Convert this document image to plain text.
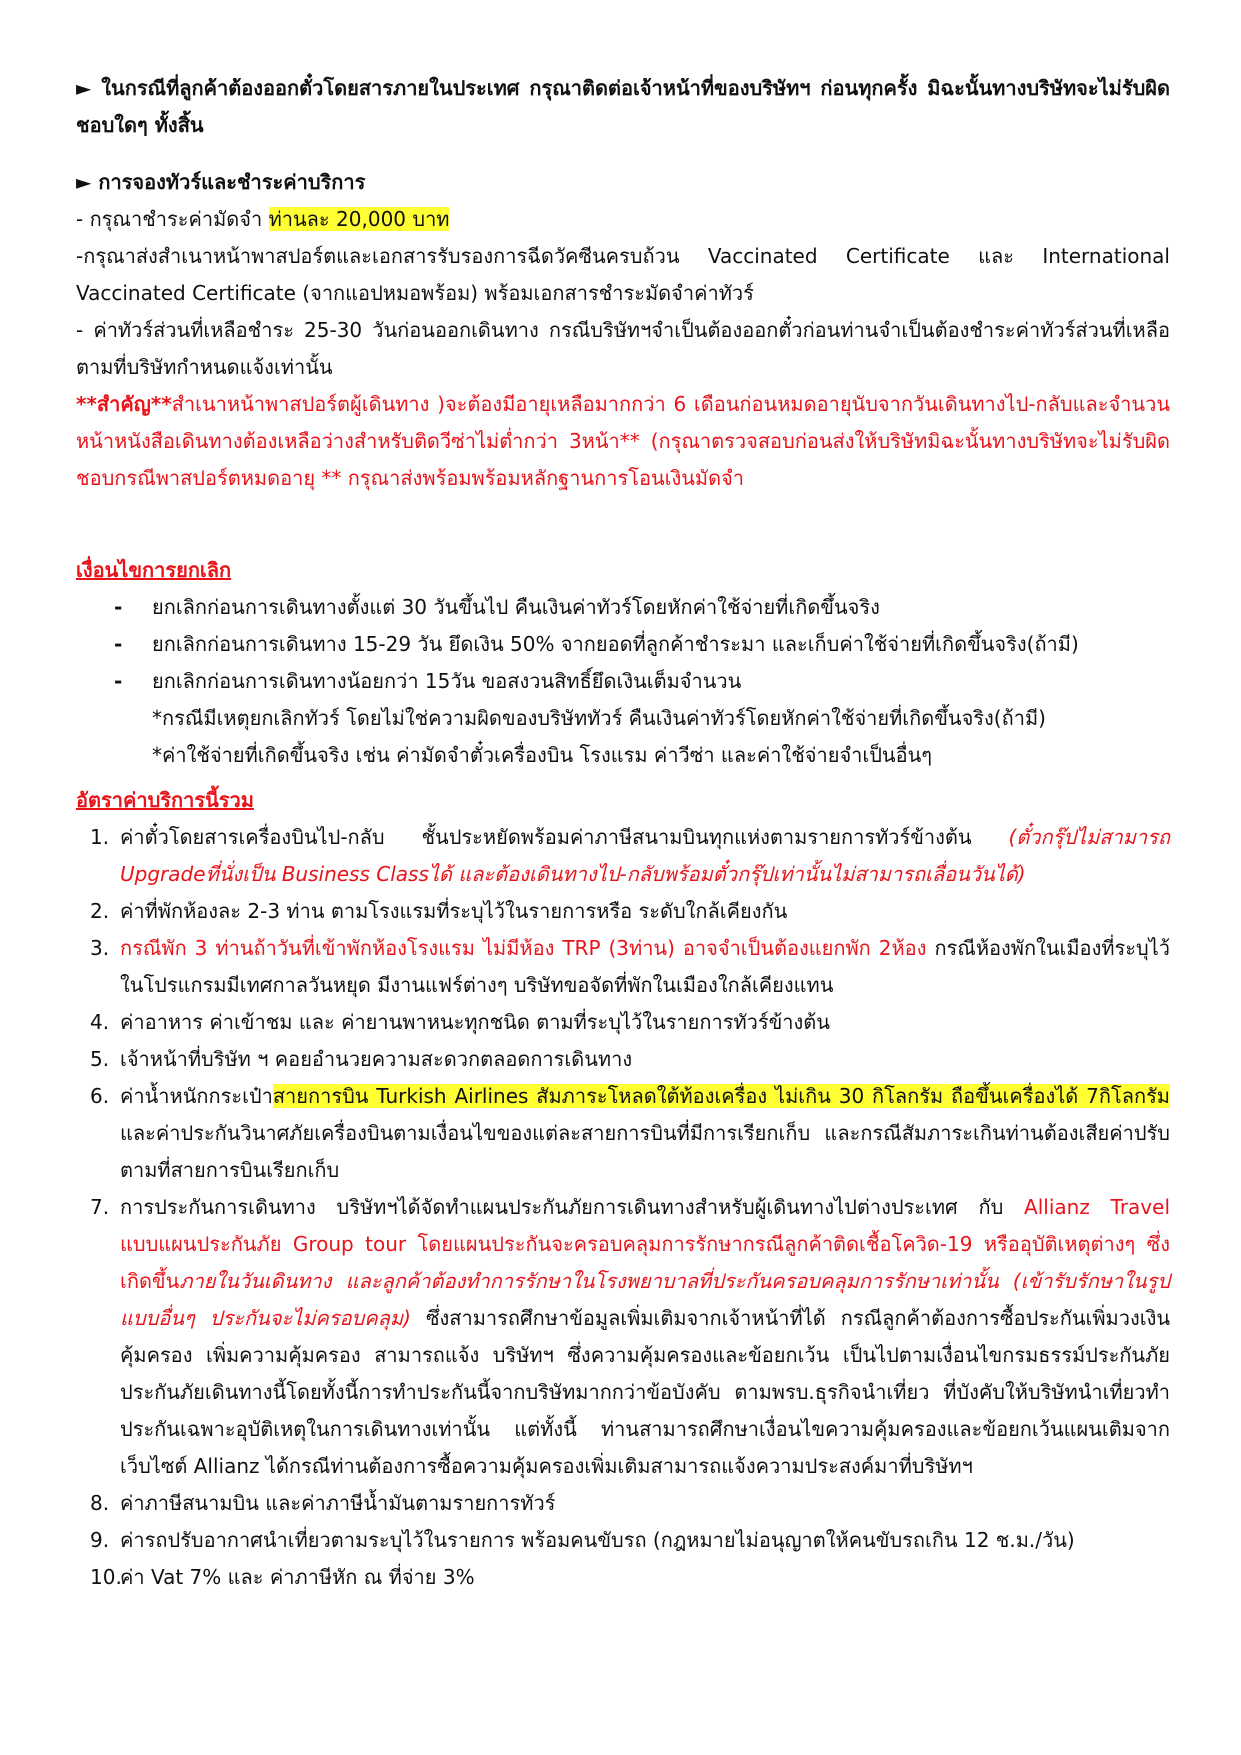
► ในกรณีที่ลูกค้าต้องออกตั๋วโดยสารภายในประเทศ กรุณาติดต่อเจ้าหน้าที่ของบริษัทฯ ก่อนทุกครั้ง มิฉะนั้นทางบริษัทจะไม่รับผิดชอบใดๆ ทั้งสิ้น

► การจองทัวร์และชำระค่าบริการ

- กรุณาชำระค่ามัดจำ ท่านละ 20,000 บาท

-กรุณาส่งสำเนาหน้าพาสปอร์ตและเอกสารรับรองการฉีดวัคซีนครบถ้วน Vaccinated Certificate และ International Vaccinated Certificate (จากแอปหมอพร้อม) พร้อมเอกสารชำระมัดจำค่าทัวร์

- ค่าทัวร์ส่วนที่เหลือชำระ 25-30 วันก่อนออกเดินทาง กรณีบริษัทฯจำเป็นต้องออกตั๋วก่อนท่านจำเป็นต้องชำระค่าทัวร์ส่วนที่เหลือตามที่บริษัทกำหนดแจ้งเท่านั้น

**สำคัญ**สำเนาหน้าพาสปอร์ตผู้เดินทาง )จะต้องมีอายุเหลือมากกว่า 6 เดือนก่อนหมดอายุนับจากวันเดินทางไป-กลับและจำนวนหน้าหนังสือเดินทางต้องเหลือว่างสำหรับติดวีซ่าไม่ต่ำกว่า 3หน้า** (กรุณาตรวจสอบก่อนส่งให้บริษัทมิฉะนั้นทางบริษัทจะไม่รับผิดชอบกรณีพาสปอร์ตหมดอายุ ** กรุณาส่งพร้อมพร้อมหลักฐานการโอนเงินมัดจำ

เงื่อนไขการยกเลิก

- ยกเลิกก่อนการเดินทางตั้งแต่ 30 วันขึ้นไป คืนเงินค่าทัวร์โดยหักค่าใช้จ่ายที่เกิดขึ้นจริง
- ยกเลิกก่อนการเดินทาง 15-29 วัน ยึดเงิน 50% จากยอดที่ลูกค้าชำระมา และเก็บค่าใช้จ่ายที่เกิดขึ้นจริง(ถ้ามี)
- ยกเลิกก่อนการเดินทางน้อยกว่า 15วัน ขอสงวนสิทธิ์ยึดเงินเต็มจำนวน

*กรณีมีเหตุยกเลิกทัวร์ โดยไม่ใช่ความผิดของบริษัททัวร์ คืนเงินค่าทัวร์โดยหักค่าใช้จ่ายที่เกิดขึ้นจริง(ถ้ามี)

*ค่าใช้จ่ายที่เกิดขึ้นจริง เช่น ค่ามัดจำตั๋วเครื่องบิน โรงแรม ค่าวีซ่า และค่าใช้จ่ายจำเป็นอื่นๆ

อัตราค่าบริการนี้รวม

1. ค่าตั๋วโดยสารเครื่องบินไป-กลับ ชั้นประหยัดพร้อมค่าภาษีสนามบินทุกแห่งตามรายการทัวร์ข้างต้น (ตั๋วกรุ๊ปไม่สามารถ Upgradeที่นั่งเป็น Business Classได้ และต้องเดินทางไป-กลับพร้อมตั๋วกรุ๊ปเท่านั้นไม่สามารถเลื่อนวันได้)
2. ค่าที่พักห้องละ 2-3 ท่าน ตามโรงแรมที่ระบุไว้ในรายการหรือ ระดับใกล้เคียงกัน
3. กรณีพัก 3 ท่านถ้าวันที่เข้าพักห้องโรงแรม ไม่มีห้อง TRP (3ท่าน) อาจจำเป็นต้องแยกพัก 2ห้อง กรณีห้องพักในเมืองที่ระบุไว้ในโปรแกรมมีเทศกาลวันหยุด มีงานแฟร์ต่างๆ บริษัทขอจัดที่พักในเมืองใกล้เคียงแทน
4. ค่าอาหาร ค่าเข้าชม และ ค่ายานพาหนะทุกชนิด ตามที่ระบุไว้ในรายการทัวร์ข้างต้น
5. เจ้าหน้าที่บริษัท ฯ คอยอำนวยความสะดวกตลอดการเดินทาง
6. ค่าน้ำหนักกระเป๋าสายการบิน Turkish Airlines สัมภาระโหลดใต้ท้องเครื่อง ไม่เกิน 30 กิโลกรัม ถือขึ้นเครื่องได้ 7กิโลกรัม และค่าประกันวินาศภัยเครื่องบินตามเงื่อนไขของแต่ละสายการบินที่มีการเรียกเก็บ และกรณีสัมภาระเกินท่านต้องเสียค่าปรับตามที่สายการบินเรียกเก็บ
7. การประกันการเดินทาง บริษัทฯได้จัดทำแผนประกันภัยการเดินทางสำหรับผู้เดินทางไปต่างประเทศ กับ Allianz Travel แบบแผนประกันภัย Group tour โดยแผนประกันจะครอบคลุมการรักษากรณีลูกค้าติดเชื้อโควิด-19 หรืออุบัติเหตุต่างๆ ซึ่งเกิดขึ้นภายในวันเดินทาง และลูกค้าต้องทำการรักษาในโรงพยาบาลที่ประกันครอบคลุมการรักษาเท่านั้น (เข้ารับรักษาในรูปแบบอื่นๆ ประกันจะไม่ครอบคลุม) ซึ่งสามารถศึกษาข้อมูลเพิ่มเติมจากเจ้าหน้าที่ได้ กรณีลูกค้าต้องการซื้อประกันเพิ่มวงเงินคุ้มครอง เพิ่มความคุ้มครอง สามารถแจ้ง บริษัทฯ ซึ่งความคุ้มครองและข้อยกเว้น เป็นไปตามเงื่อนไขกรมธรรม์ประกันภัย ประกันภัยเดินทางนี้โดยทั้งนี้การทำประกันนี้จากบริษัทมากกว่าข้อบังคับ ตามพรบ.ธุรกิจนำเที่ยว ที่บังคับให้บริษัทนำเที่ยวทำประกันเฉพาะอุบัติเหตุในการเดินทางเท่านั้น แต่ทั้งนี้ ท่านสามารถศึกษาเงื่อนไขความคุ้มครองและข้อยกเว้นแผนเติมจากเว็บไซต์ Allianz ได้กรณีท่านต้องการซื้อความคุ้มครองเพิ่มเติมสามารถแจ้งความประสงค์มาที่บริษัทฯ
8. ค่าภาษีสนามบิน และค่าภาษีน้ำมันตามรายการทัวร์
9. ค่ารถปรับอากาศนำเที่ยวตามระบุไว้ในรายการ พร้อมคนขับรถ (กฎหมายไม่อนุญาตให้คนขับรถเกิน 12 ช.ม./วัน)
10.
ค่า Vat 7% และ ค่าภาษีหัก ณ ที่จ่าย 3%
